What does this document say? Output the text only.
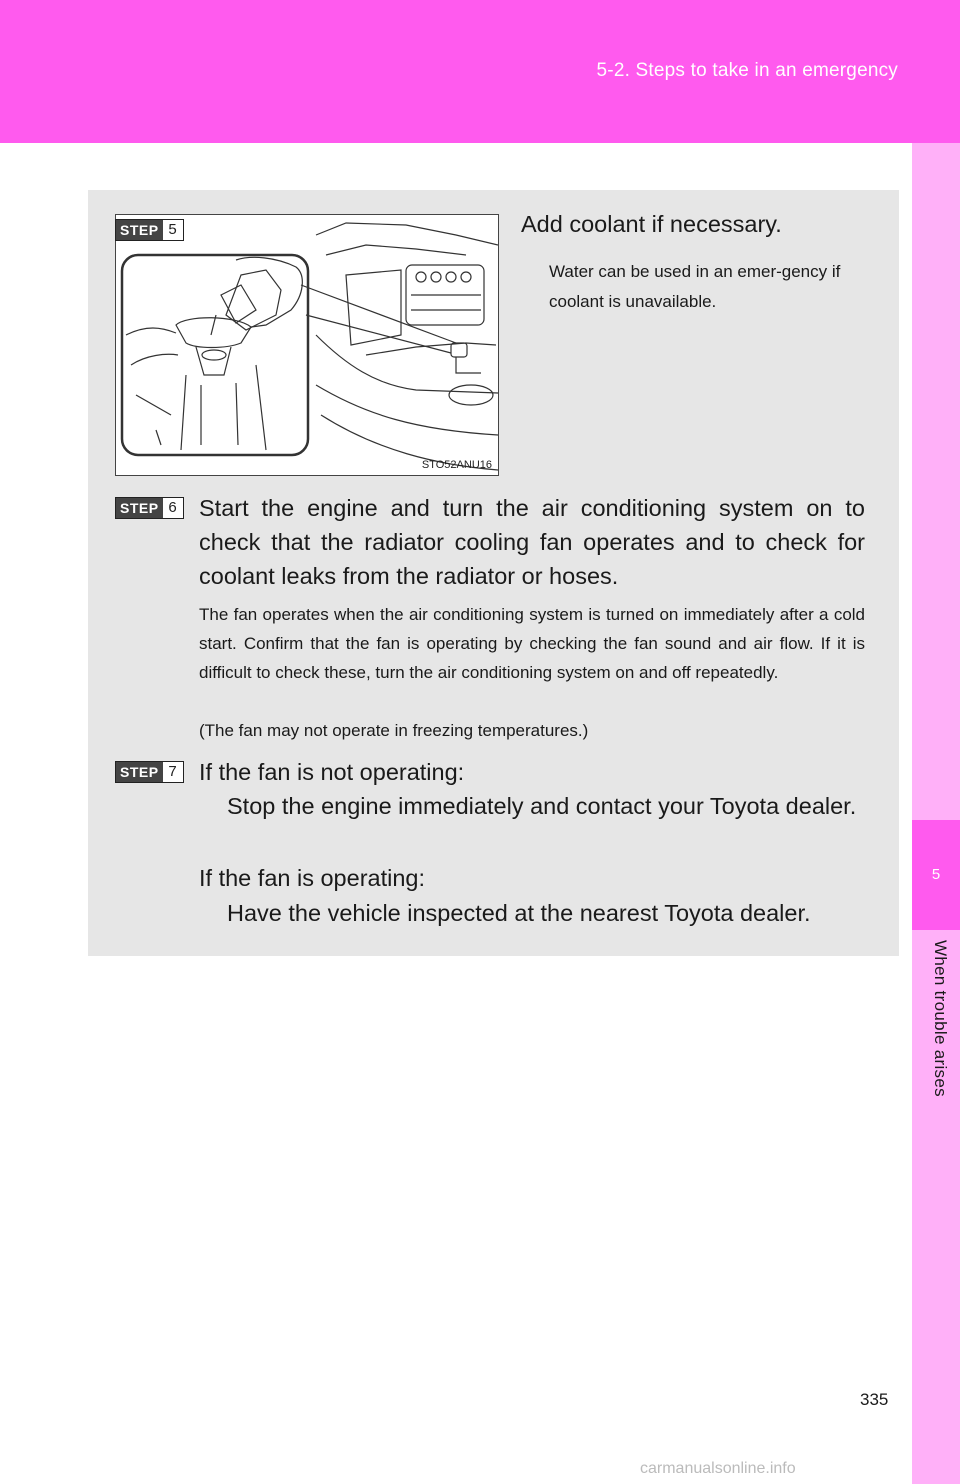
5-2. Steps to take in an emergency
5
When trouble arises
STO52ANU16
STEP 5	Add coolant if necessary.
Water can be used in an emer-gency if coolant is unavailable.
STEP 6 Start the engine and turn the air conditioning system on to check that the radiator cooling fan operates and to check for coolant leaks from the radiator or hoses.
The fan operates when the air conditioning system is turned on immediately after a cold start. Confirm that the fan is operating by checking the fan sound and air flow. If it is difficult to check these, turn the air conditioning system on and off repeatedly.
(The fan may not operate in freezing temperatures.)
STEP 7 If the fan is not operating:
Stop the engine immediately and contact your Toyota dealer.
If the fan is operating:
Have the vehicle inspected at the nearest Toyota dealer.
335
carmanualsonline.info
